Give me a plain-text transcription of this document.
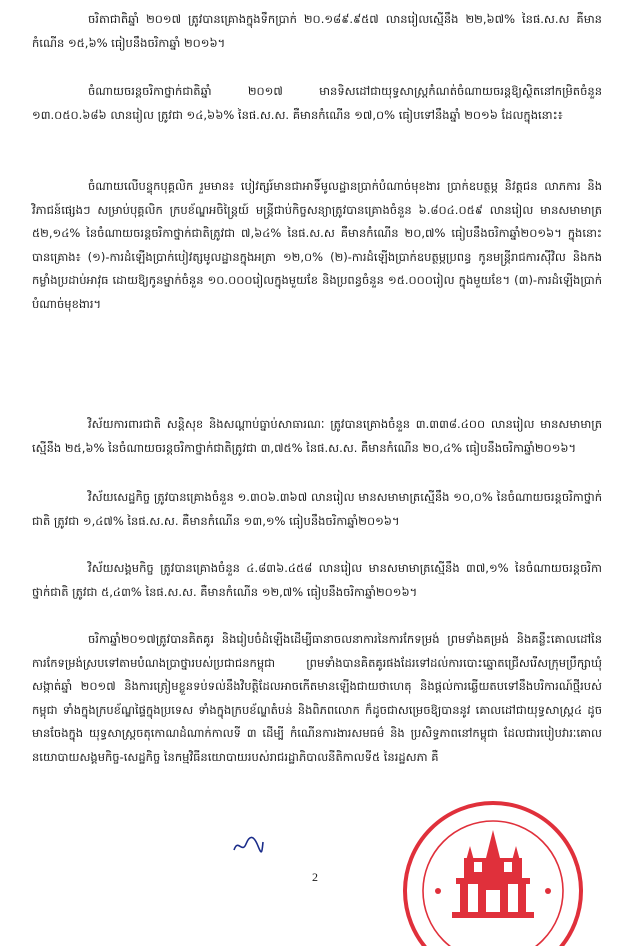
ចរិតាជាតិឆ្នាំ ២០១៧ ត្រូវបានគ្រោងក្នុងទឹកប្រាក់ ២០.១៨៩.៩៥៧ លានរៀលស្មើនឹង ២២,៦៧% នៃផ.ស.ស គឺមានកំណើន ១៥,៦% ធៀបនឹងចរិកាឆ្នាំ ២០១៦។

ចំណាយចរន្តចរិកាថ្នាក់ជាតិឆ្នាំ ២០១៧ មានទិសដៅជាយុទ្ធសាស្ត្រកំណត់ចំណាយចរន្តឱ្យស្ថិតនៅកម្រិតចំនួន ១៣.០៥០.៦៨៦ លានរៀល ត្រូវជា ១៤,៦៦% នៃផ.ស.ស. គឺមានកំណើន ១៧,០% ធៀបទៅនឹងឆ្នាំ ២០១៦ ដែលក្នុងនោះ៖

ចំណាយលើបន្ទុកបុគ្គលិក រួមមាន៖ បៀវត្សរ៍មានជាអាទិ៍មូលដ្ឋានប្រាក់បំណាច់មុខងារ ប្រាក់ឧបត្ថម្ភ និវត្តជន លាភការ និងវិភាជន៍ផ្សេងៗ សម្រាប់បុគ្គលិក ក្របខ័ណ្ឌអចិន្ត្រៃយ៍ មន្ត្រីជាប់កិច្ចសន្យាត្រូវបានគ្រោងចំនួន ៦.៨០៤.០៥៩ លានរៀល មានសមាមាត្រ ៥២,១៤% នៃចំណាយចរន្តចរិកាថ្នាក់ជាតិត្រូវជា ៧,៦៤% នៃផ.ស.ស គឺមានកំណើន ២០,៧% ធៀបនឹងចរិកាឆ្នាំ២០១៦។ ក្នុងនោះបានគ្រោង៖ (១)-ការដំឡើងប្រាក់បៀវត្សមូលដ្ឋានក្នុងអត្រា ១២,០% (២)-ការដំឡើងប្រាក់ឧបត្ថម្ភប្រពន្ធ កូនមន្ត្រីរាជការស៊ីវិល និងកងកម្លាំងប្រដាប់អាវុធ ដោយឱ្យកូនម្នាក់ចំនួន ១០.០០០រៀលក្នុងមួយខែ និងប្រពន្ធចំនួន ១៥.០០០រៀល ក្នុងមួយខែ។ (៣)-ការដំឡើងប្រាក់បំណាច់មុខងារ។

វិស័យការពារជាតិ សន្តិសុខ និងសណ្តាប់ធ្នាប់សាធារណៈ ត្រូវបានគ្រោងចំនួន ៣.៣៣៨.៤០០ លានរៀល មានសមាមាត្រស្មើនឹង ២៥,៦% នៃចំណាយចរន្តចរិកាថ្នាក់ជាតិត្រូវជា ៣,៧៥% នៃផ.ស.ស. គឺមានកំណើន ២០,៤% ធៀបនឹងចរិកាឆ្នាំ២០១៦។

វិស័យសេដ្ឋកិច្ច ត្រូវបានគ្រោងចំនួន ១.៣០៦.៣៦៧ លានរៀល មានសមាមាត្រស្មើនឹង ១០,០% នៃចំណាយចរន្តចរិកាថ្នាក់ជាតិ ត្រូវជា ១,៤៧% នៃផ.ស.ស. គឺមានកំណើន ១៣,១% ធៀបនឹងចរិកាឆ្នាំ២០១៦។

វិស័យសង្គមកិច្ច ត្រូវបានគ្រោងចំនួន ៤.៨៣៦.៤៥៨ លានរៀល មានសមាមាត្រស្មើនឹង ៣៧,១% នៃចំណាយចរន្តចរិកាថ្នាក់ជាតិ ត្រូវជា ៥,៤៣% នៃផ.ស.ស. គឺមានកំណើន ១២,៧% ធៀបនឹងចរិកាឆ្នាំ២០១៦។

ចរិកាឆ្នាំ២០១៧ត្រូវបានគិតគូរ និងរៀបចំដំឡើងដើម្បីធានាចលនាការនៃការកែទម្រង់ ព្រមទាំងគម្រង់ និងគន្លឹះគោលដៅនៃការកែទម្រង់ស្របទៅតាមបំណងប្រាថ្នារបស់ប្រជាជនកម្ពុជា ព្រមទាំងបានគិតគូរផងដែរទៅដល់ការបោះឆ្នោតជ្រើសរើសក្រុមប្រឹក្សាឃុំសង្កាត់ឆ្នាំ ២០១៧ និងការត្រៀមខ្លួនទប់ទល់នឹងវិបត្តិដែលអាចកើតមានឡើងជាយថាហេតុ និងផ្តល់ការឆ្លើយតបទៅនឹងបរិការណ៍ថ្មីរបស់កម្ពុជា ទាំងក្នុងក្របខ័ណ្ឌផ្ទៃក្នុងប្រទេស ទាំងក្នុងក្របខ័ណ្ឌតំបន់ និងពិភពលោក ក៏ដូចជាសម្រេចឱ្យបាននូវ គោលដៅជាយុទ្ធសាស្ត្រ៤ ដូចមានចែងក្នុង យុទ្ធសាស្ត្រចតុកោណដំណាក់កាលទី ៣ ដើម្បី កំណើនការងារសមធម៌ និង ប្រសិទ្ធភាពនៅកម្ពុជា ដែលជារបៀបវារៈគោលនយោបាយសង្គមកិច្ច-សេដ្ឋកិច្ច នៃកម្មវិធីនយោបាយរបស់រាជរដ្ឋាភិបាលនីតិកាលទី៥ នៃរដ្ឋសភា គឺ

2
